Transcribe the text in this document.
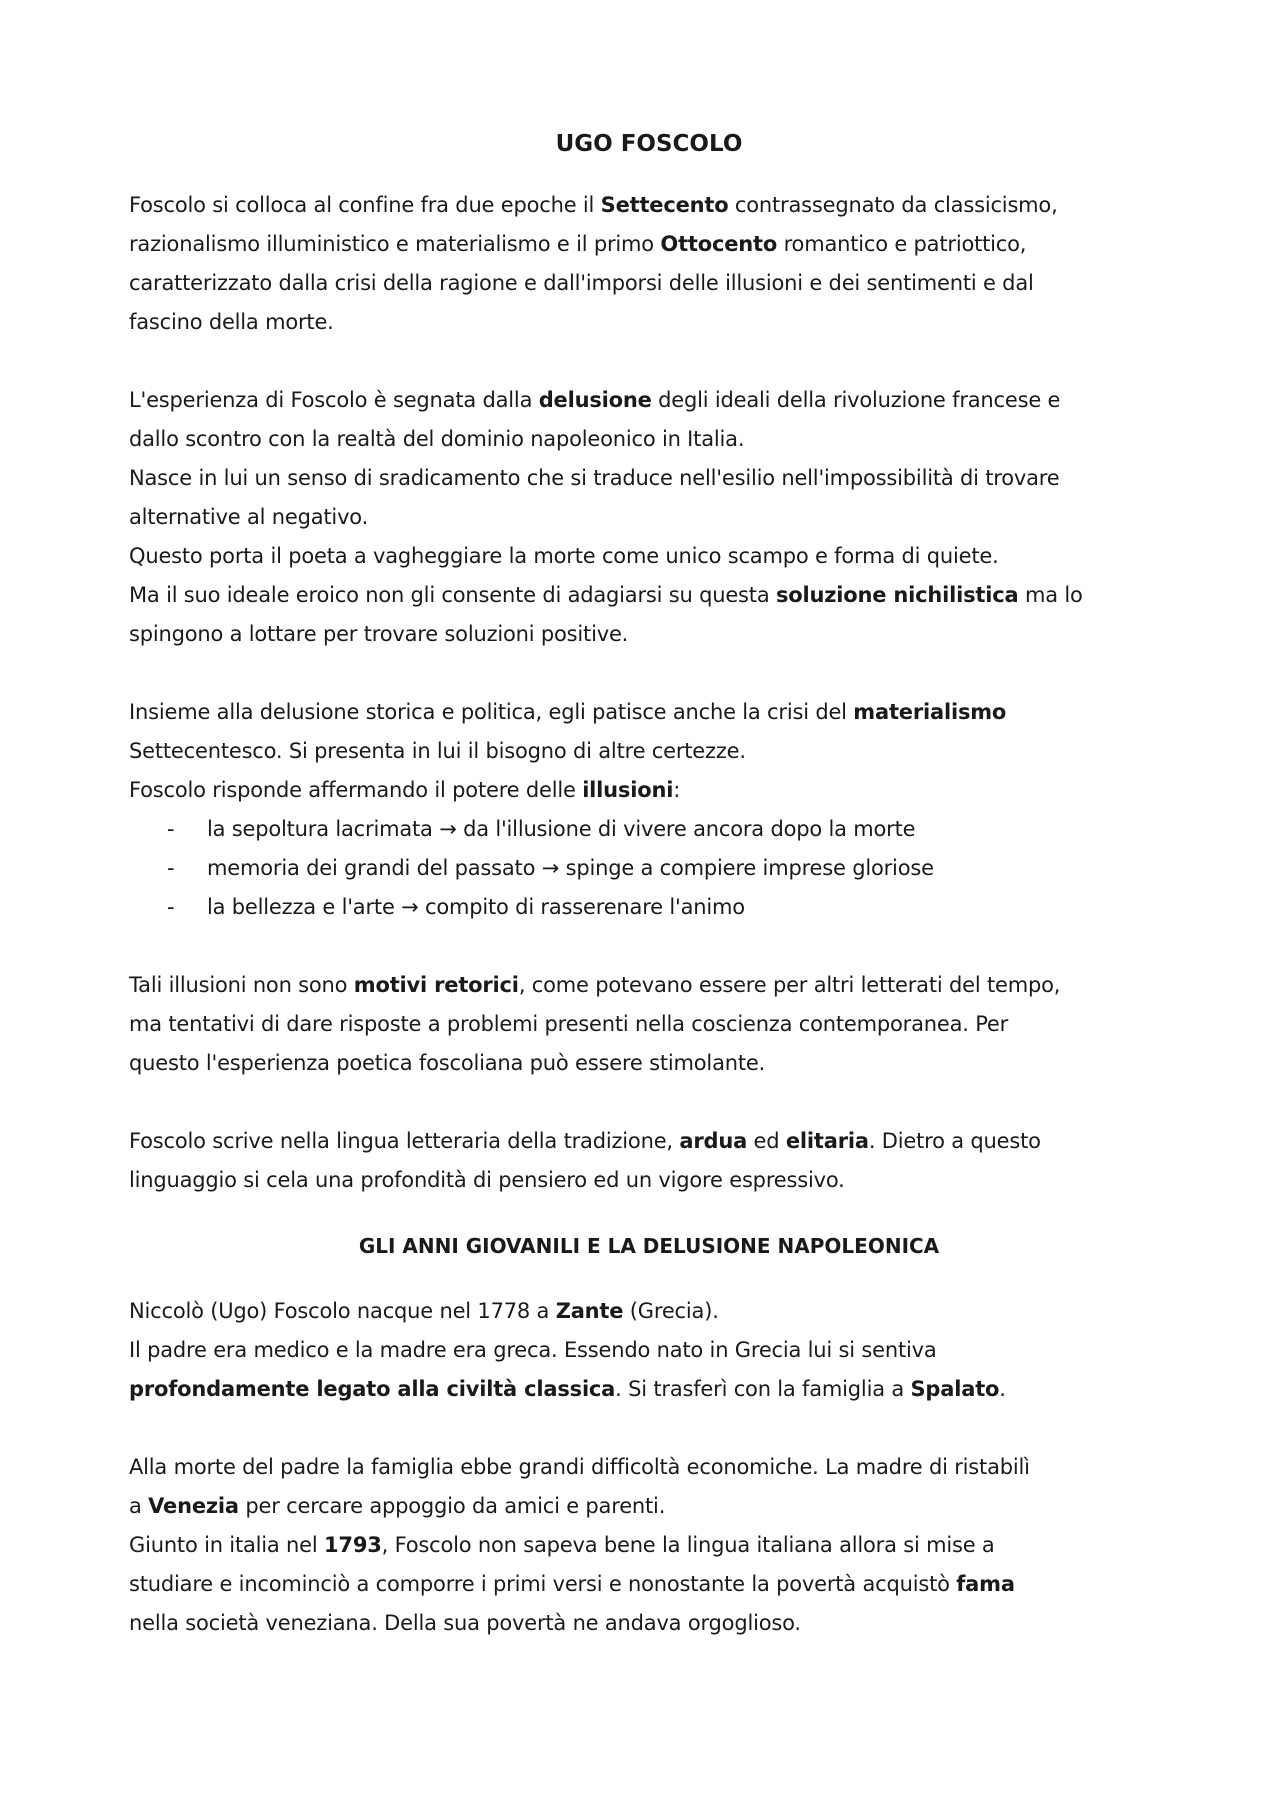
UGO FOSCOLO

Foscolo si colloca al confine fra due epoche il Settecento contrassegnato da classicismo,
razionalismo illuministico e materialismo e il primo Ottocento romantico e patriottico,
caratterizzato dalla crisi della ragione e dall'imporsi delle illusioni e dei sentimenti e dal
fascino della morte.

L'esperienza di Foscolo è segnata dalla delusione degli ideali della rivoluzione francese e
dallo scontro con la realtà del dominio napoleonico in Italia.
Nasce in lui un senso di sradicamento che si traduce nell'esilio nell'impossibilità di trovare
alternative al negativo.
Questo porta il poeta a vagheggiare la morte come unico scampo e forma di quiete.
Ma il suo ideale eroico non gli consente di adagiarsi su questa soluzione nichilistica ma lo
spingono a lottare per trovare soluzioni positive.

Insieme alla delusione storica e politica, egli patisce anche la crisi del materialismo
Settecentesco. Si presenta in lui il bisogno di altre certezze.
Foscolo risponde affermando il potere delle illusioni:

- la sepoltura lacrimata → da l'illusione di vivere ancora dopo la morte
- memoria dei grandi del passato → spinge a compiere imprese gloriose
- la bellezza e l'arte → compito di rasserenare l'animo

Tali illusioni non sono motivi retorici, come potevano essere per altri letterati del tempo,
ma tentativi di dare risposte a problemi presenti nella coscienza contemporanea. Per
questo l'esperienza poetica foscoliana può essere stimolante.

Foscolo scrive nella lingua letteraria della tradizione, ardua ed elitaria. Dietro a questo
linguaggio si cela una profondità di pensiero ed un vigore espressivo.

GLI ANNI GIOVANILI E LA DELUSIONE NAPOLEONICA

Niccolò (Ugo) Foscolo nacque nel 1778 a Zante (Grecia).
Il padre era medico e la madre era greca. Essendo nato in Grecia lui si sentiva
profondamente legato alla civiltà classica. Si trasferì con la famiglia a Spalato.

Alla morte del padre la famiglia ebbe grandi difficoltà economiche. La madre di ristabilì
a Venezia per cercare appoggio da amici e parenti.
Giunto in italia nel 1793, Foscolo non sapeva bene la lingua italiana allora si mise a
studiare e incominciò a comporre i primi versi e nonostante la povertà acquistò fama
nella società veneziana. Della sua povertà ne andava orgoglioso.
